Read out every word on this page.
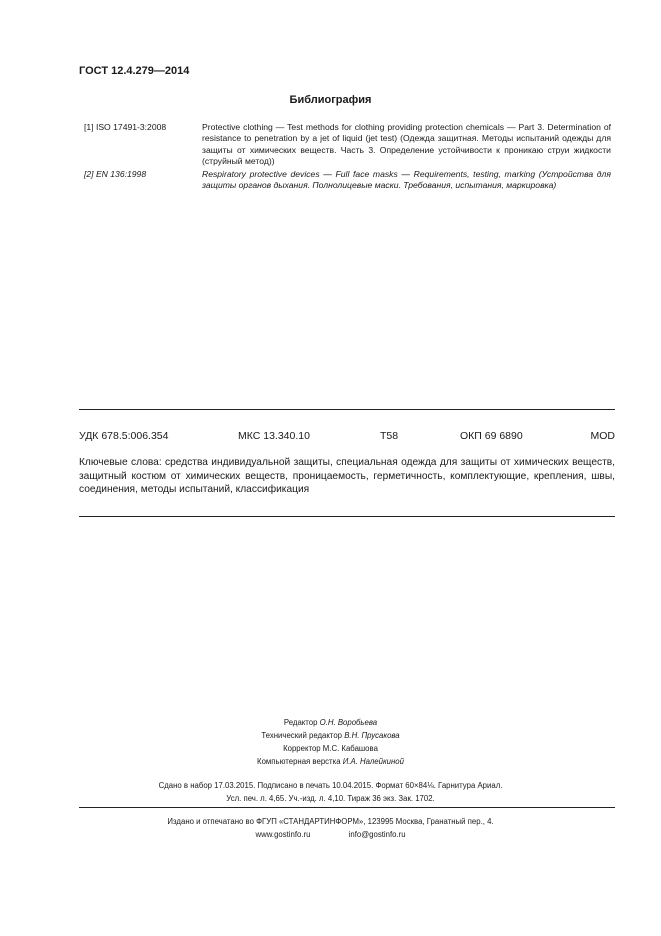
ГОСТ 12.4.279—2014
Библиография
[1] ISO 17491-3:2008	Protective clothing — Test methods for clothing providing protection chemicals — Part 3. Determination of resistance to penetration by a jet of liquid (jet test) (Одежда защитная. Методы испытаний одежды для защиты от химических веществ. Часть 3. Определение устойчивости к проникаю струи жидкости (струйный метод))
[2] EN 136:1998	Respiratory protective devices — Full face masks — Requirements, testing, marking (Устройства для защиты органов дыхания. Полнолицевые маски. Требования, испытания, маркировка)
УДК 678.5:006.354	МКС 13.340.10	Т58	ОКП 69 6890	MOD
Ключевые слова: средства индивидуальной защиты, специальная одежда для защиты от химических веществ, защитный костюм от химических веществ, проницаемость, герметичность, комплектующие, крепления, швы, соединения, методы испытаний, классификация
Редактор О.Н. Воробьева
Технический редактор В.Н. Прусакова
Корректор М.С. Кабашова
Компьютерная верстка И.А. Налейкиной
Сдано в набор 17.03.2015. Подписано в печать 10.04.2015. Формат 60×84⅛. Гарнитура Ариал.
Усл. печ. л. 4,65. Уч.-изд. л. 4,10. Тираж 36 экз. Зак. 1702.
Издано и отпечатано во ФГУП «СТАНДАРТИНФОРМ», 123995 Москва, Гранатный пер., 4.
www.gostinfo.ru	info@gostinfo.ru
